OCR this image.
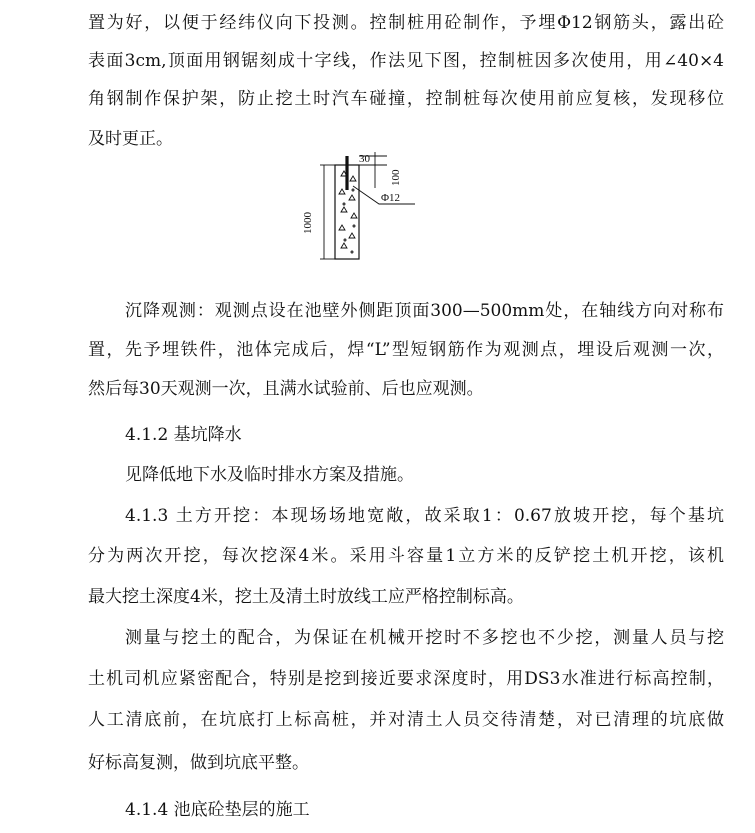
置为好，以便于经纬仪向下投测。控制桩用砼制作，予埋Φ12钢筋头，露出砼
表面3cm,顶面用钢锯刻成十字线，作法见下图，控制桩因多次使用，用∠40×4
角钢制作保护架，防止挖土时汽车碰撞，控制桩每次使用前应复核，发现移位
及时更正。
30
100
1000
Φ12
沉降观测：观测点设在池壁外侧距顶面300—500mm处，在轴线方向对称布
置，先予埋铁件，池体完成后，焊“L”型短钢筋作为观测点，埋设后观测一次，
然后每30天观测一次，且满水试验前、后也应观测。
4.1.2 基坑降水
见降低地下水及临时排水方案及措施。
4.1.3 土方开挖：本现场场地宽敞，故采取1：0.67放坡开挖，每个基坑
分为两次开挖，每次挖深4米。采用斗容量1立方米的反铲挖土机开挖，该机
最大挖土深度4米，挖土及清土时放线工应严格控制标高。
测量与挖土的配合，为保证在机械开挖时不多挖也不少挖，测量人员与挖
土机司机应紧密配合，特别是挖到接近要求深度时，用DS3水准进行标高控制，
人工清底前，在坑底打上标高桩，并对清土人员交待清楚，对已清理的坑底做
好标高复测，做到坑底平整。
4.1.4 池底砼垫层的施工
